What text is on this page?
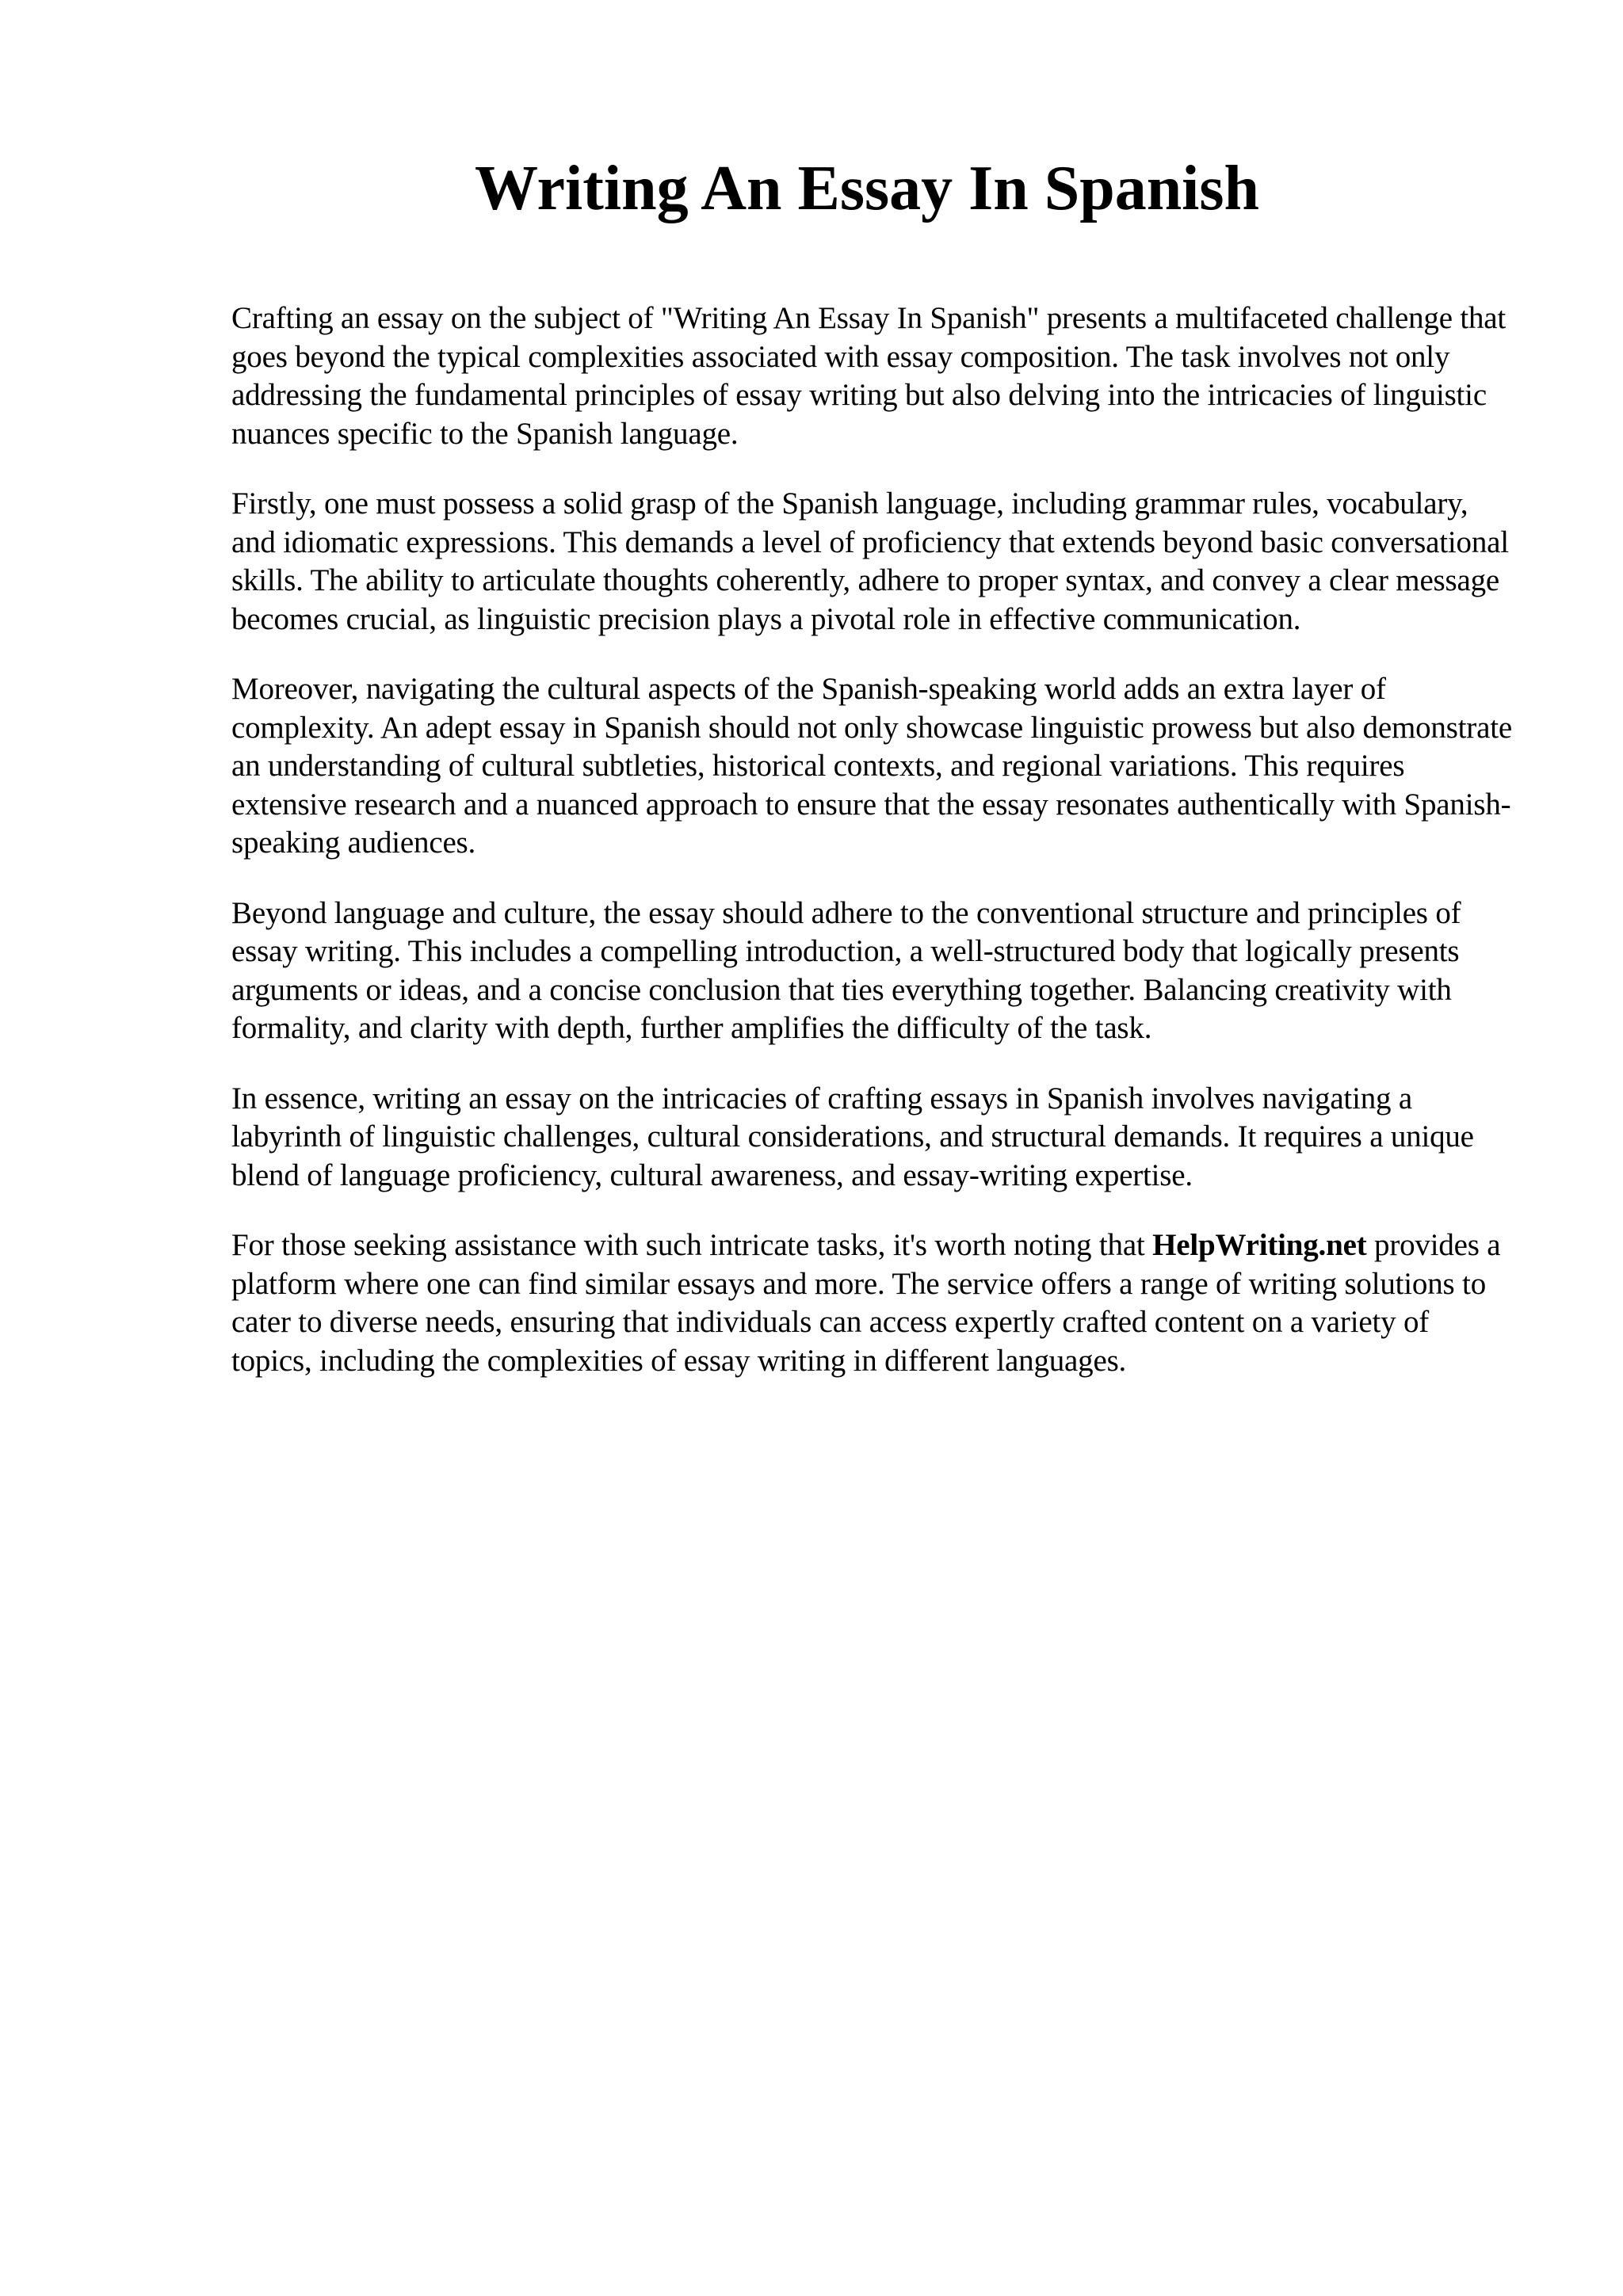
Writing An Essay In Spanish

Crafting an essay on the subject of "Writing An Essay In Spanish" presents a multifaceted challenge that goes beyond the typical complexities associated with essay composition. The task involves not only addressing the fundamental principles of essay writing but also delving into the intricacies of linguistic nuances specific to the Spanish language.

Firstly, one must possess a solid grasp of the Spanish language, including grammar rules, vocabulary, and idiomatic expressions. This demands a level of proficiency that extends beyond basic conversational skills. The ability to articulate thoughts coherently, adhere to proper syntax, and convey a clear message becomes crucial, as linguistic precision plays a pivotal role in effective communication.

Moreover, navigating the cultural aspects of the Spanish-speaking world adds an extra layer of complexity. An adept essay in Spanish should not only showcase linguistic prowess but also demonstrate an understanding of cultural subtleties, historical contexts, and regional variations. This requires extensive research and a nuanced approach to ensure that the essay resonates authentically with Spanish-speaking audiences.

Beyond language and culture, the essay should adhere to the conventional structure and principles of essay writing. This includes a compelling introduction, a well-structured body that logically presents arguments or ideas, and a concise conclusion that ties everything together. Balancing creativity with formality, and clarity with depth, further amplifies the difficulty of the task.

In essence, writing an essay on the intricacies of crafting essays in Spanish involves navigating a labyrinth of linguistic challenges, cultural considerations, and structural demands. It requires a unique blend of language proficiency, cultural awareness, and essay-writing expertise.

For those seeking assistance with such intricate tasks, it's worth noting that HelpWriting.net provides a platform where one can find similar essays and more. The service offers a range of writing solutions to cater to diverse needs, ensuring that individuals can access expertly crafted content on a variety of topics, including the complexities of essay writing in different languages.
